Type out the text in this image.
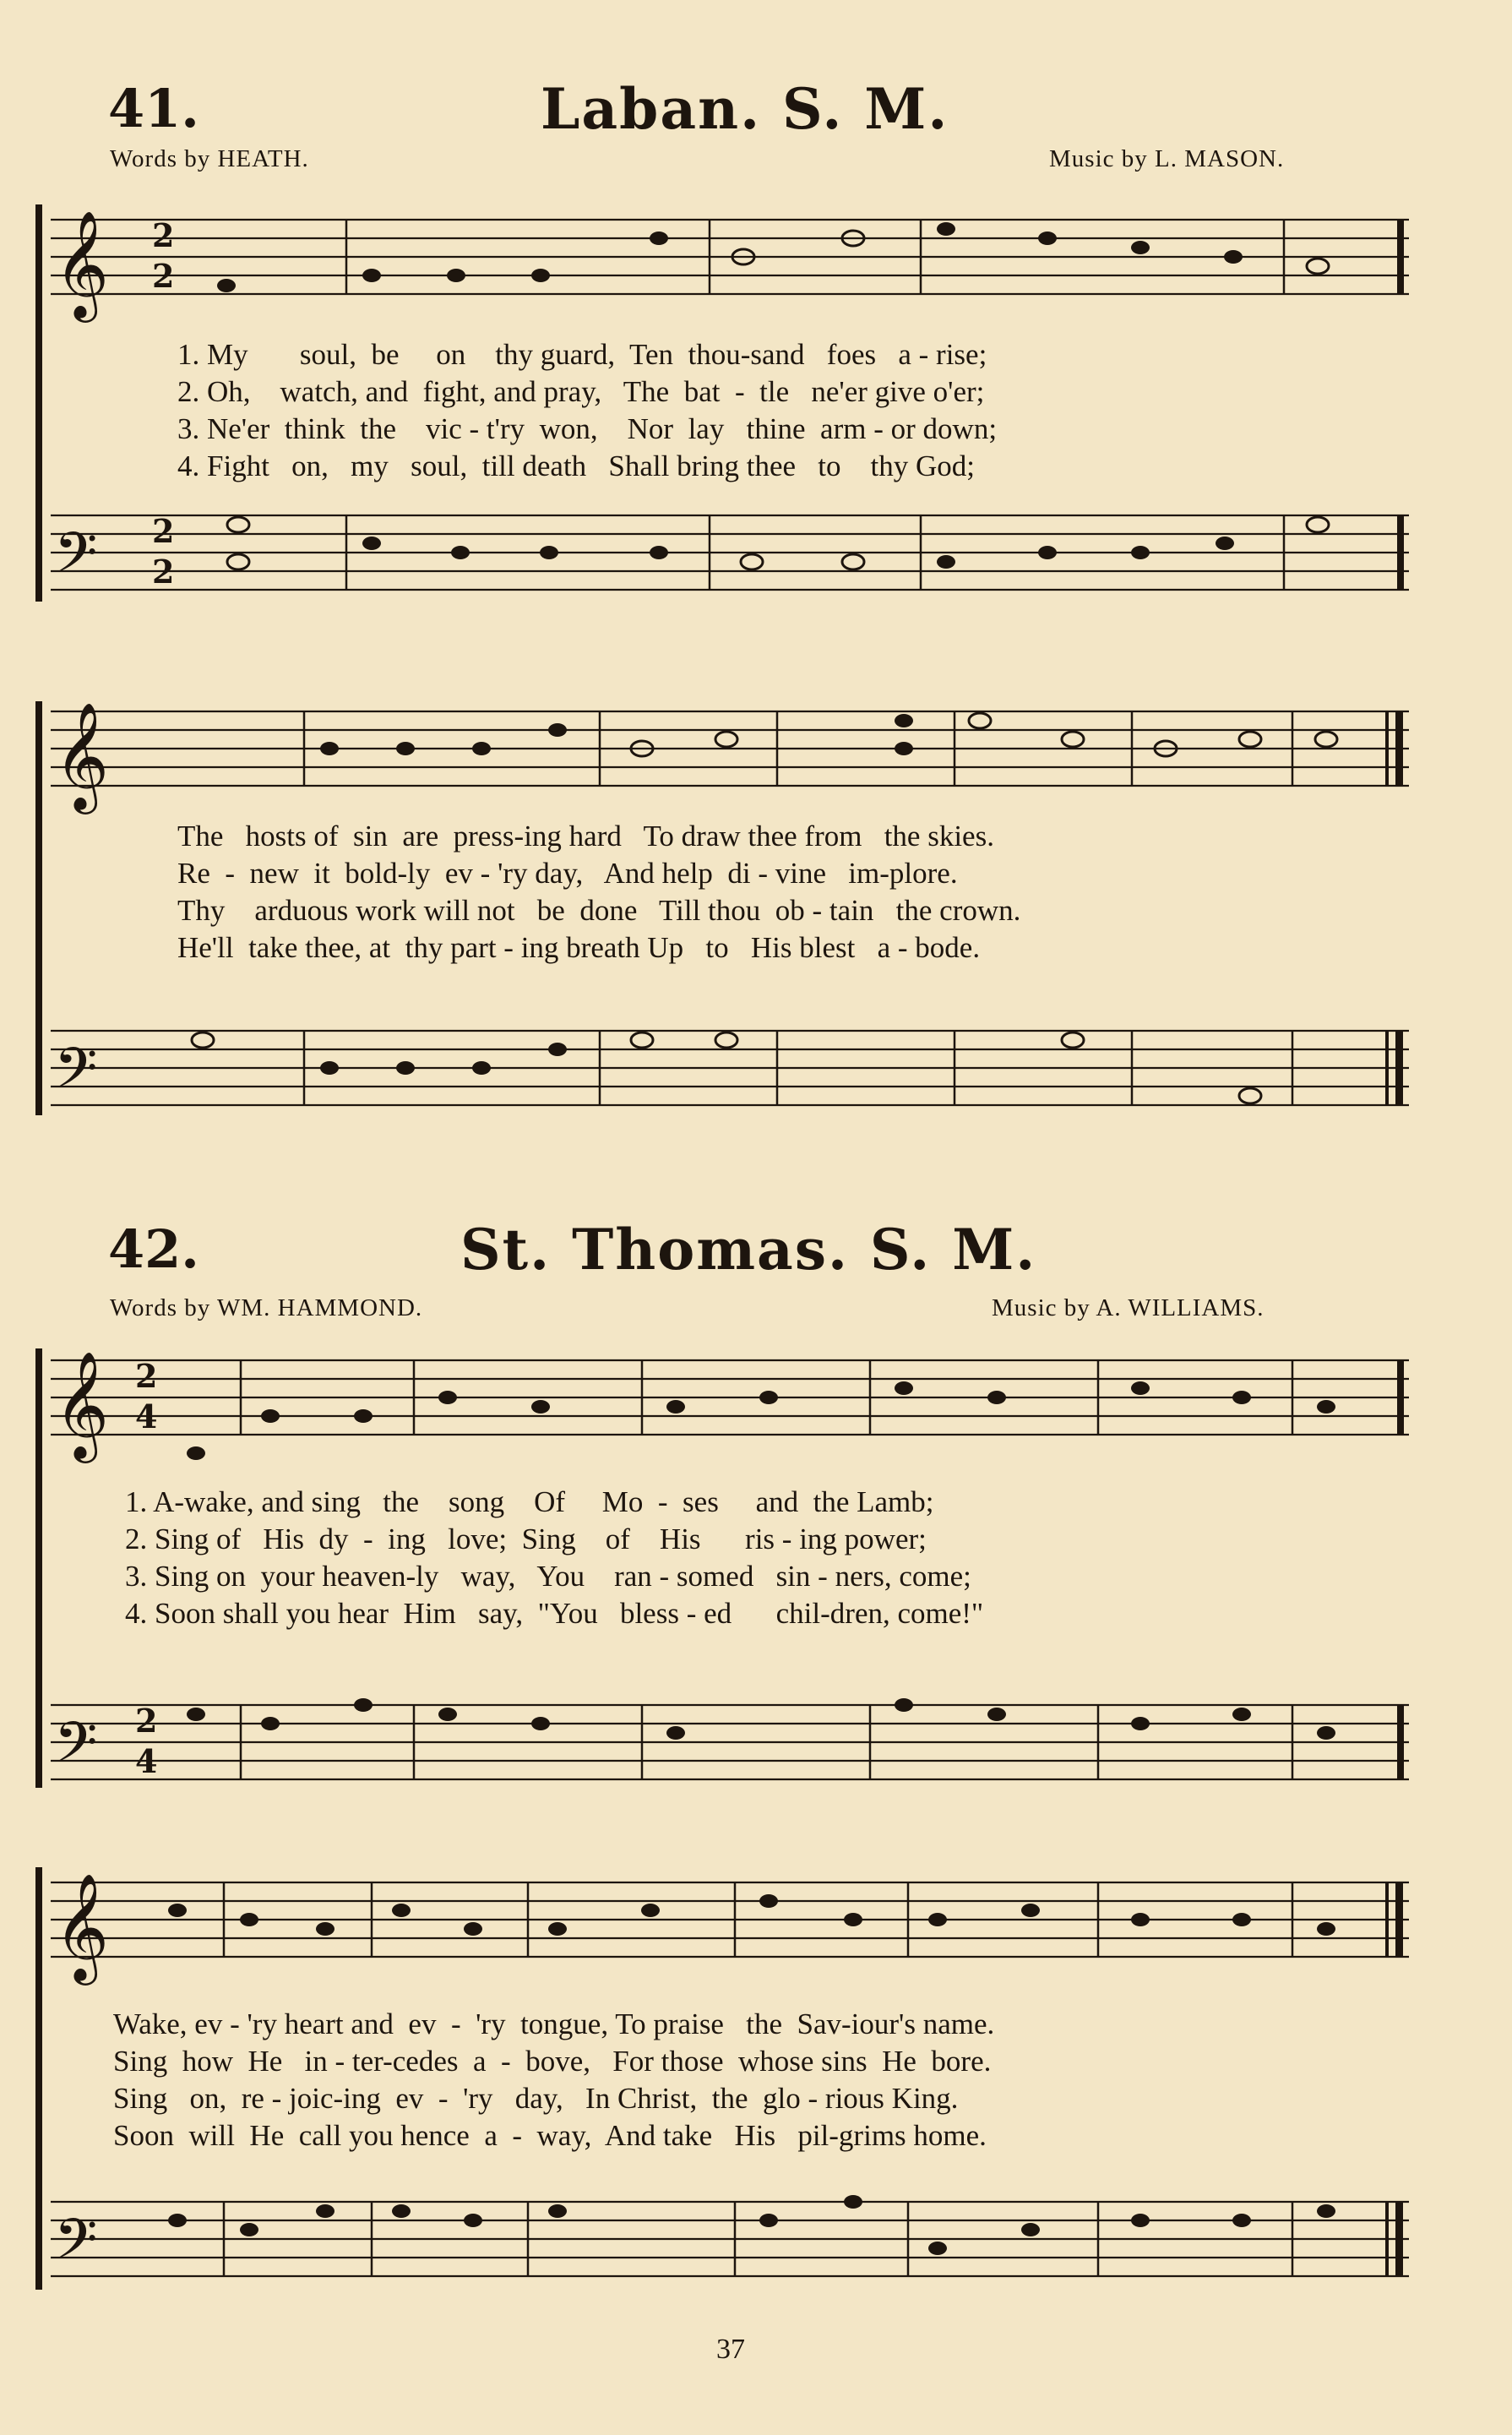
41.	Laban. S. M.
Words by HEATH.	Music by L. MASON.
𝄞
𝄢
2
2
2
2
1. My       soul,  be     on    thy guard,  Ten  thou-sand   foes   a - rise;
2. Oh,    watch, and  fight, and pray,   The  bat  -  tle   ne'er give o'er;
3. Ne'er  think  the    vic - t'ry  won,    Nor  lay   thine  arm - or down;
4. Fight   on,   my   soul,  till death   Shall bring thee   to    thy God;
𝄞
𝄢
The   hosts of  sin  are  press-ing hard   To draw thee from   the skies.
Re  -  new  it  bold-ly  ev - 'ry day,   And help  di - vine   im-plore.
Thy    arduous work will not   be  done   Till thou  ob - tain   the crown.
He'll  take thee, at  thy part - ing breath Up   to   His blest   a - bode.
42.	St. Thomas. S. M.
Words by WM. HAMMOND.	Music by A. WILLIAMS.
𝄞
𝄢
2
4
2
4
1. A-wake, and sing   the    song    Of     Mo  -  ses     and  the Lamb;
2. Sing of   His  dy  -  ing   love;  Sing    of    His      ris - ing power;
3. Sing on  your heaven-ly   way,   You    ran - somed   sin - ners, come;
4. Soon shall you hear  Him   say,  "You   bless - ed      chil-dren, come!"
𝄞
𝄢
Wake, ev - 'ry heart and  ev  -  'ry  tongue, To praise   the  Sav-iour's name.
Sing  how  He   in - ter-cedes  a  -  bove,   For those  whose sins  He  bore.
Sing   on,  re - joic-ing  ev  -  'ry   day,   In Christ,  the  glo - rious King.
Soon  will  He  call you hence  a  -  way,  And take   His   pil-grims home.
37
